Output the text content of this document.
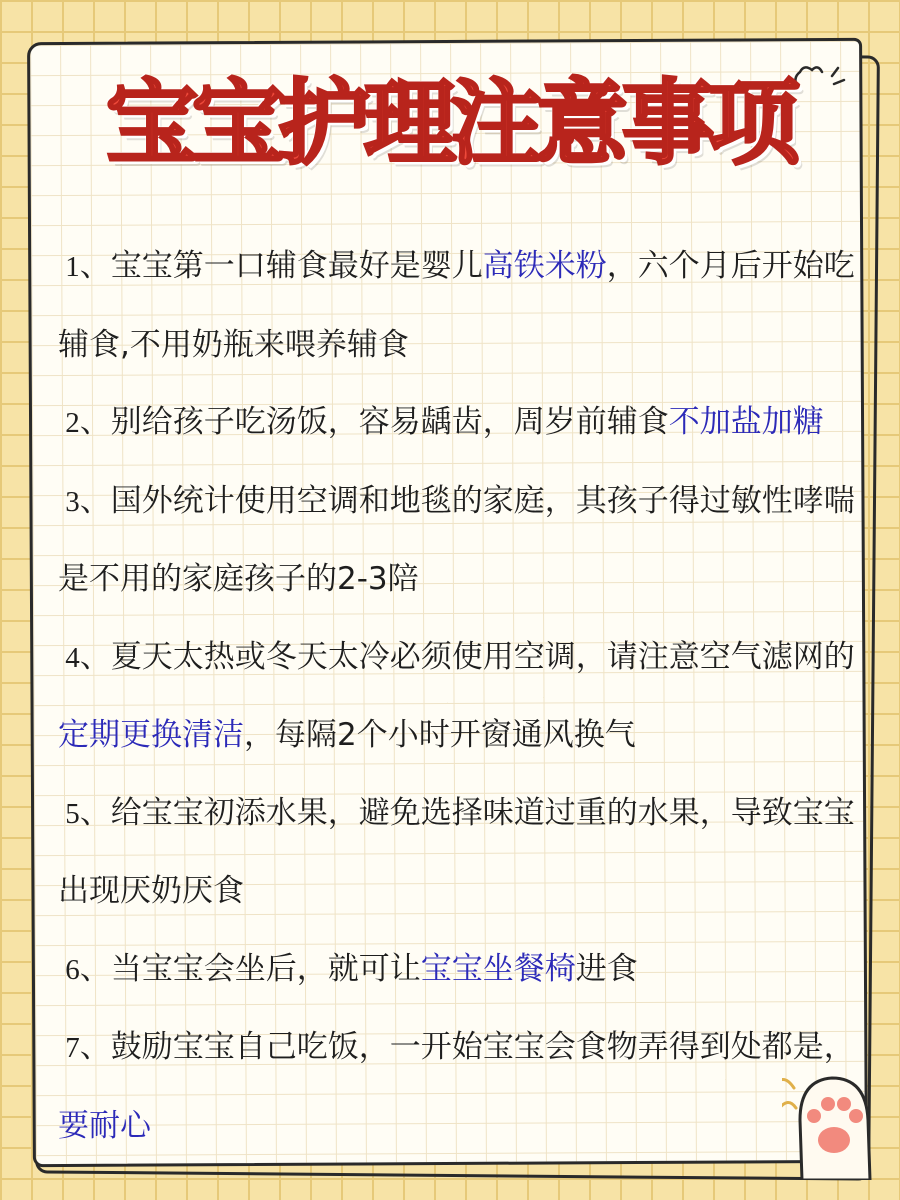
宝宝护理注意事项

1、宝宝第一口辅食最好是婴儿高铁米粉，六个月后开始吃辅食,不用奶瓶来喂养辅食

2、别给孩子吃汤饭，容易龋齿，周岁前辅食不加盐加糖

3、国外统计使用空调和地毯的家庭，其孩子得过敏性哮喘是不用的家庭孩子的2-3陪

4、夏天太热或冬天太冷必须使用空调，请注意空气滤网的定期更换清洁，每隔2个小时开窗通风换气

5、给宝宝初添水果，避免选择味道过重的水果，导致宝宝出现厌奶厌食

6、当宝宝会坐后，就可让宝宝坐餐椅进食

7、鼓励宝宝自己吃饭，一开始宝宝会食物弄得到处都是，要耐心
